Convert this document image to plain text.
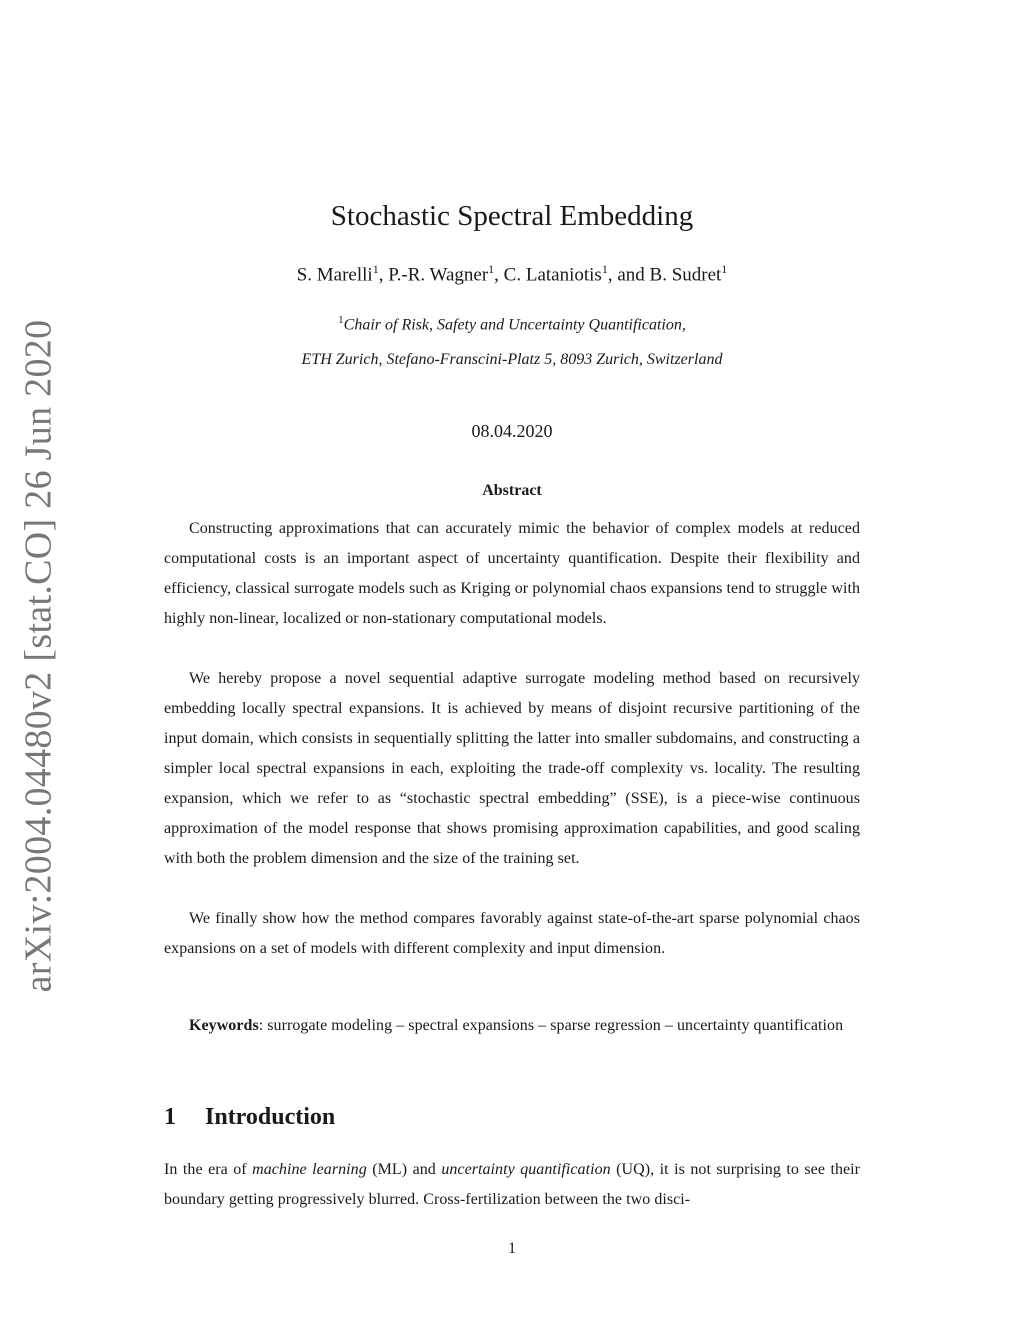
arXiv:2004.04480v2 [stat.CO] 26 Jun 2020
Stochastic Spectral Embedding
S. Marelli$^1$, P.-R. Wagner$^1$, C. Lataniotis$^1$, and B. Sudret$^1$
$^1$Chair of Risk, Safety and Uncertainty Quantification,
ETH Zurich, Stefano-Franscini-Platz 5, 8093 Zurich, Switzerland
08.04.2020
Abstract

Constructing approximations that can accurately mimic the behavior of complex models at reduced computational costs is an important aspect of uncertainty quantification. Despite their flexibility and efficiency, classical surrogate models such as Kriging or polynomial chaos expansions tend to struggle with highly non-linear, localized or non-stationary computational models.

We hereby propose a novel sequential adaptive surrogate modeling method based on recursively embedding locally spectral expansions. It is achieved by means of disjoint recursive partitioning of the input domain, which consists in sequentially splitting the latter into smaller subdomains, and constructing a simpler local spectral expansions in each, exploiting the trade-off complexity vs. locality. The resulting expansion, which we refer to as “stochastic spectral embedding” (SSE), is a piece-wise continuous approximation of the model response that shows promising approximation capabilities, and good scaling with both the problem dimension and the size of the training set.

We finally show how the method compares favorably against state-of-the-art sparse polynomial chaos expansions on a set of models with different complexity and input dimension.

Keywords: surrogate modeling – spectral expansions – sparse regression – uncertainty quantification

1 Introduction

In the era of machine learning (ML) and uncertainty quantification (UQ), it is not surprising to see their boundary getting progressively blurred. Cross-fertilization between the two disci-

1
